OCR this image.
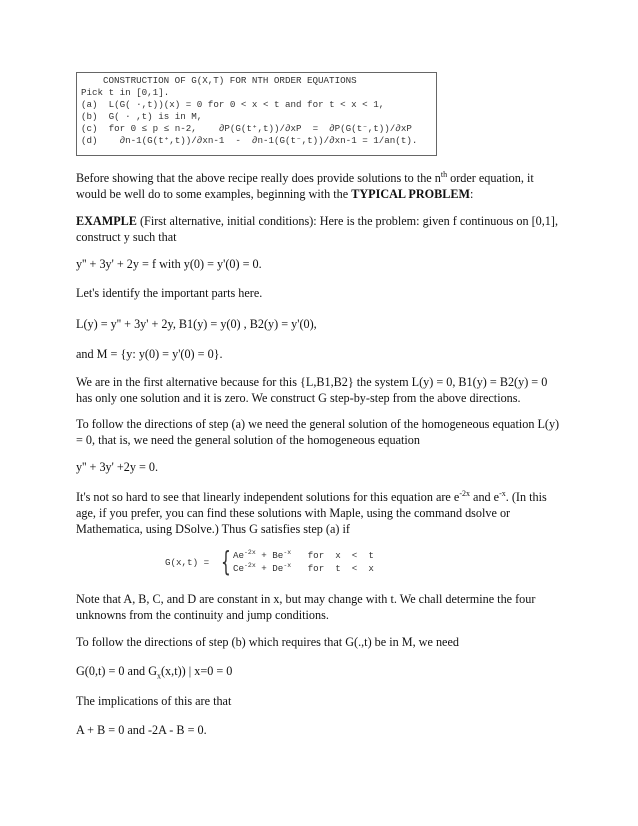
CONSTRUCTION OF G(X,T) FOR NTH ORDER EQUATIONS
Pick t in [0,1].
(a)  L(G( ·,t))(x) = 0 for 0 < x < t and for t < x < 1,
(b)  G( · ,t) is in M,
(c)  for 0 ≤ p ≤ n-2,    ∂P(G(t⁺,t))/∂xP  =  ∂P(G(t⁻,t))/∂xP
(d)    ∂n-1(G(t⁺,t))/∂xn-1  -  ∂n-1(G(t⁻,t))/∂xn-1 = 1/an(t).

Before showing that the above recipe really does provide solutions to the $n^{th}$ order equation, it would be well do to some examples, beginning with the TYPICAL PROBLEM:

EXAMPLE (First alternative, initial conditions): Here is the problem: given f continuous on [0,1], construct y such that

y'' + 3y' + 2y = f with y(0) = y'(0) = 0.

Let's identify the important parts here.

L(y) = y'' + 3y' + 2y, B1(y) = y(0) , B2(y) = y'(0),

and M = {y: y(0) = y'(0) = 0}.

We are in the first alternative because for this {L,B1,B2} the system L(y) = 0, B1(y) = B2(y) = 0 has only one solution and it is zero. We construct G step-by-step from the above directions.

To follow the directions of step (a) we need the general solution of the homogeneous equation L(y) = 0, that is, we need the general solution of the homogeneous equation

y'' + 3y' +2y = 0.

It's not so hard to see that linearly independent solutions for this equation are $e^{-2x}$ and $e^{-x}$. (In this age, if you prefer, you can find these solutions with Maple, using the command dsolve or Mathematica, using DSolve.) Thus G satisfies step (a) if

G(x,t) = { $Ae^{-2x} + Be^{-x}$   for  x  <  t
$Ce^{-2x} + De^{-x}$   for  t  <  x

Note that A, B, C, and D are constant in x, but may change with t. We chall determine the four unknowns from the continuity and jump conditions.

To follow the directions of step (b) which requires that G(.,t) be in M, we need

G(0,t) = 0 and $G_x(x,t)$) | x=0 = 0

The implications of this are that

A + B = 0 and -2A - B = 0.
